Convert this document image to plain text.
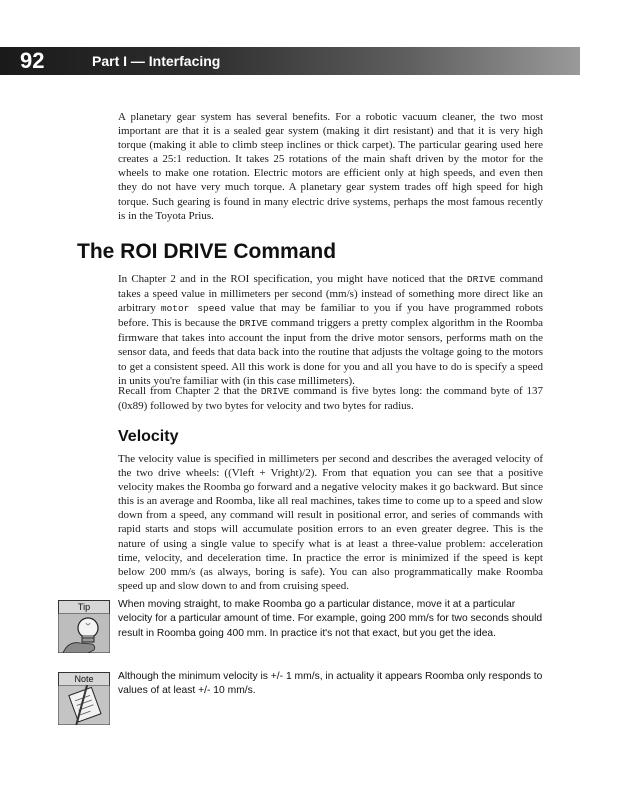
92	Part I — Interfacing

A planetary gear system has several benefits. For a robotic vacuum cleaner, the two most important are that it is a sealed gear system (making it dirt resistant) and that it is very high torque (making it able to climb steep inclines or thick carpet). The particular gearing used here creates a 25:1 reduction. It takes 25 rotations of the main shaft driven by the motor for the wheels to make one rotation. Electric motors are efficient only at high speeds, and even then they do not have very much torque. A planetary gear system trades off high speed for high torque. Such gearing is found in many electric drive systems, perhaps the most famous recently is in the Toyota Prius.

The ROI DRIVE Command

In Chapter 2 and in the ROI specification, you might have noticed that the DRIVE command takes a speed value in millimeters per second (mm/s) instead of something more direct like an arbitrary motor speed value that may be familiar to you if you have programmed robots before. This is because the DRIVE command triggers a pretty complex algorithm in the Roomba firmware that takes into account the input from the drive motor sensors, performs math on the sensor data, and feeds that data back into the routine that adjusts the voltage going to the motors to get a consistent speed. All this work is done for you and all you have to do is specify a speed in units you're familiar with (in this case millimeters).

Recall from Chapter 2 that the DRIVE command is five bytes long: the command byte of 137 (0x89) followed by two bytes for velocity and two bytes for radius.

Velocity

The velocity value is specified in millimeters per second and describes the averaged velocity of the two drive wheels: ((Vleft + Vright)/2). From that equation you can see that a positive velocity makes the Roomba go forward and a negative velocity makes it go backward. But since this is an average and Roomba, like all real machines, takes time to come up to a speed and slow down from a speed, any command will result in positional error, and series of commands with rapid starts and stops will accumulate position errors to an even greater degree. This is the nature of using a single value to specify what is at least a three-value problem: acceleration time, velocity, and deceleration time. In practice the error is minimized if the speed is kept below 200 mm/s (as always, boring is safe). You can also programmatically make Roomba speed up and slow down to and from cruising speed.

Tip	When moving straight, to make Roomba go a particular distance, move it at a particular velocity for a particular amount of time. For example, going 200 mm/s for two seconds should result in Roomba going 400 mm. In practice it's not that exact, but you get the idea.

Note	Although the minimum velocity is +/- 1 mm/s, in actuality it appears Roomba only responds to values of at least +/- 10 mm/s.
